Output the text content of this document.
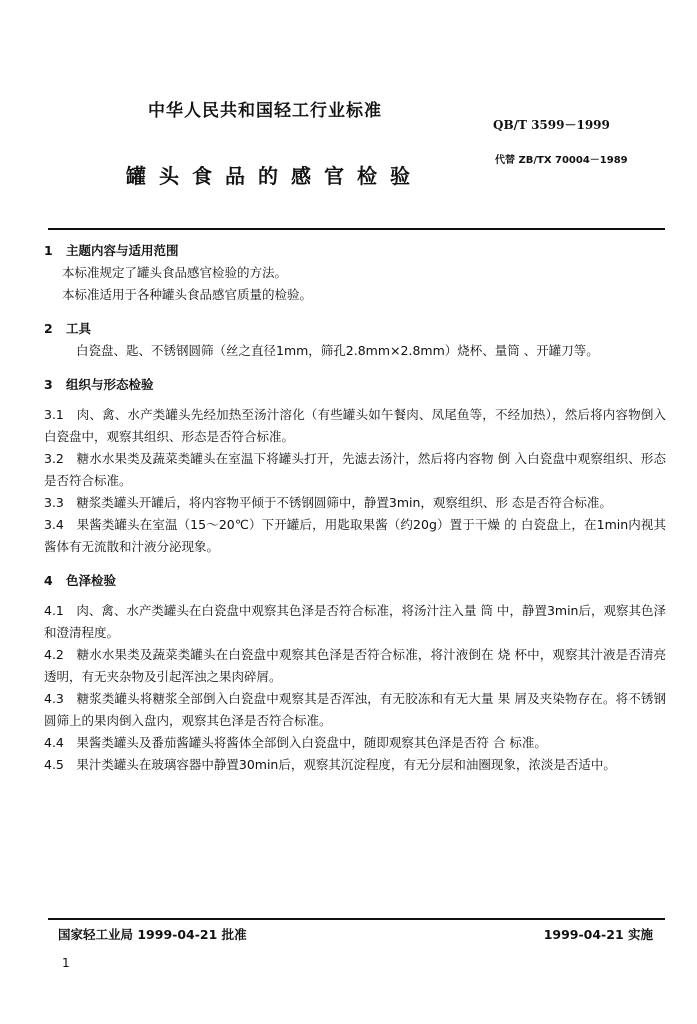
中华人民共和国轻工行业标准
QB/T 3599－1999
罐头食品的感官检验
代替 ZB/TX 70004－1989
1 主题内容与适用范围
本标准规定了罐头食品感官检验的方法。
本标准适用于各种罐头食品感官质量的检验。
2 工具
白瓷盘、匙、不锈钢圆筛（丝之直径1mm，筛孔2.8mm×2.8mm）烧杯、量筒 、开罐刀等。
3 组织与形态检验
3.1　肉、禽、水产类罐头先经加热至汤汁溶化（有些罐头如午餐肉、凤尾鱼等，不经加热），然后将内容物倒入白瓷盘中，观察其组织、形态是否符合标准。
3.2　糖水水果类及蔬菜类罐头在室温下将罐头打开，先滤去汤汁，然后将内容物 倒 入白瓷盘中观察组织、形态是否符合标准。
3.3　糖浆类罐头开罐后，将内容物平倾于不锈钢圆筛中，静置3min，观察组织、形 态是否符合标准。
3.4　果酱类罐头在室温（15～20℃）下开罐后，用匙取果酱（约20g）置于干燥 的 白瓷盘上，在1min内视其酱体有无流散和汁液分泌现象。
4 色泽检验
4.1　肉、禽、水产类罐头在白瓷盘中观察其色泽是否符合标准，将汤汁注入量 筒 中，静置3min后，观察其色泽和澄清程度。
4.2　糖水水果类及蔬菜类罐头在白瓷盘中观察其色泽是否符合标准，将汁液倒在 烧 杯中，观察其汁液是否清亮透明，有无夹杂物及引起浑浊之果肉碎屑。
4.3　糖浆类罐头将糖浆全部倒入白瓷盘中观察其是否浑浊，有无胶冻和有无大量 果 屑及夹染物存在。将不锈钢圆筛上的果肉倒入盘内，观察其色泽是否符合标准。
4.4　果酱类罐头及番茄酱罐头将酱体全部倒入白瓷盘中，随即观察其色泽是否符 合 标准。
4.5　果汁类罐头在玻璃容器中静置30min后，观察其沉淀程度，有无分层和油圈现象，浓淡是否适中。
国家轻工业局 1999-04-21 批准	1999-04-21 实施
1
